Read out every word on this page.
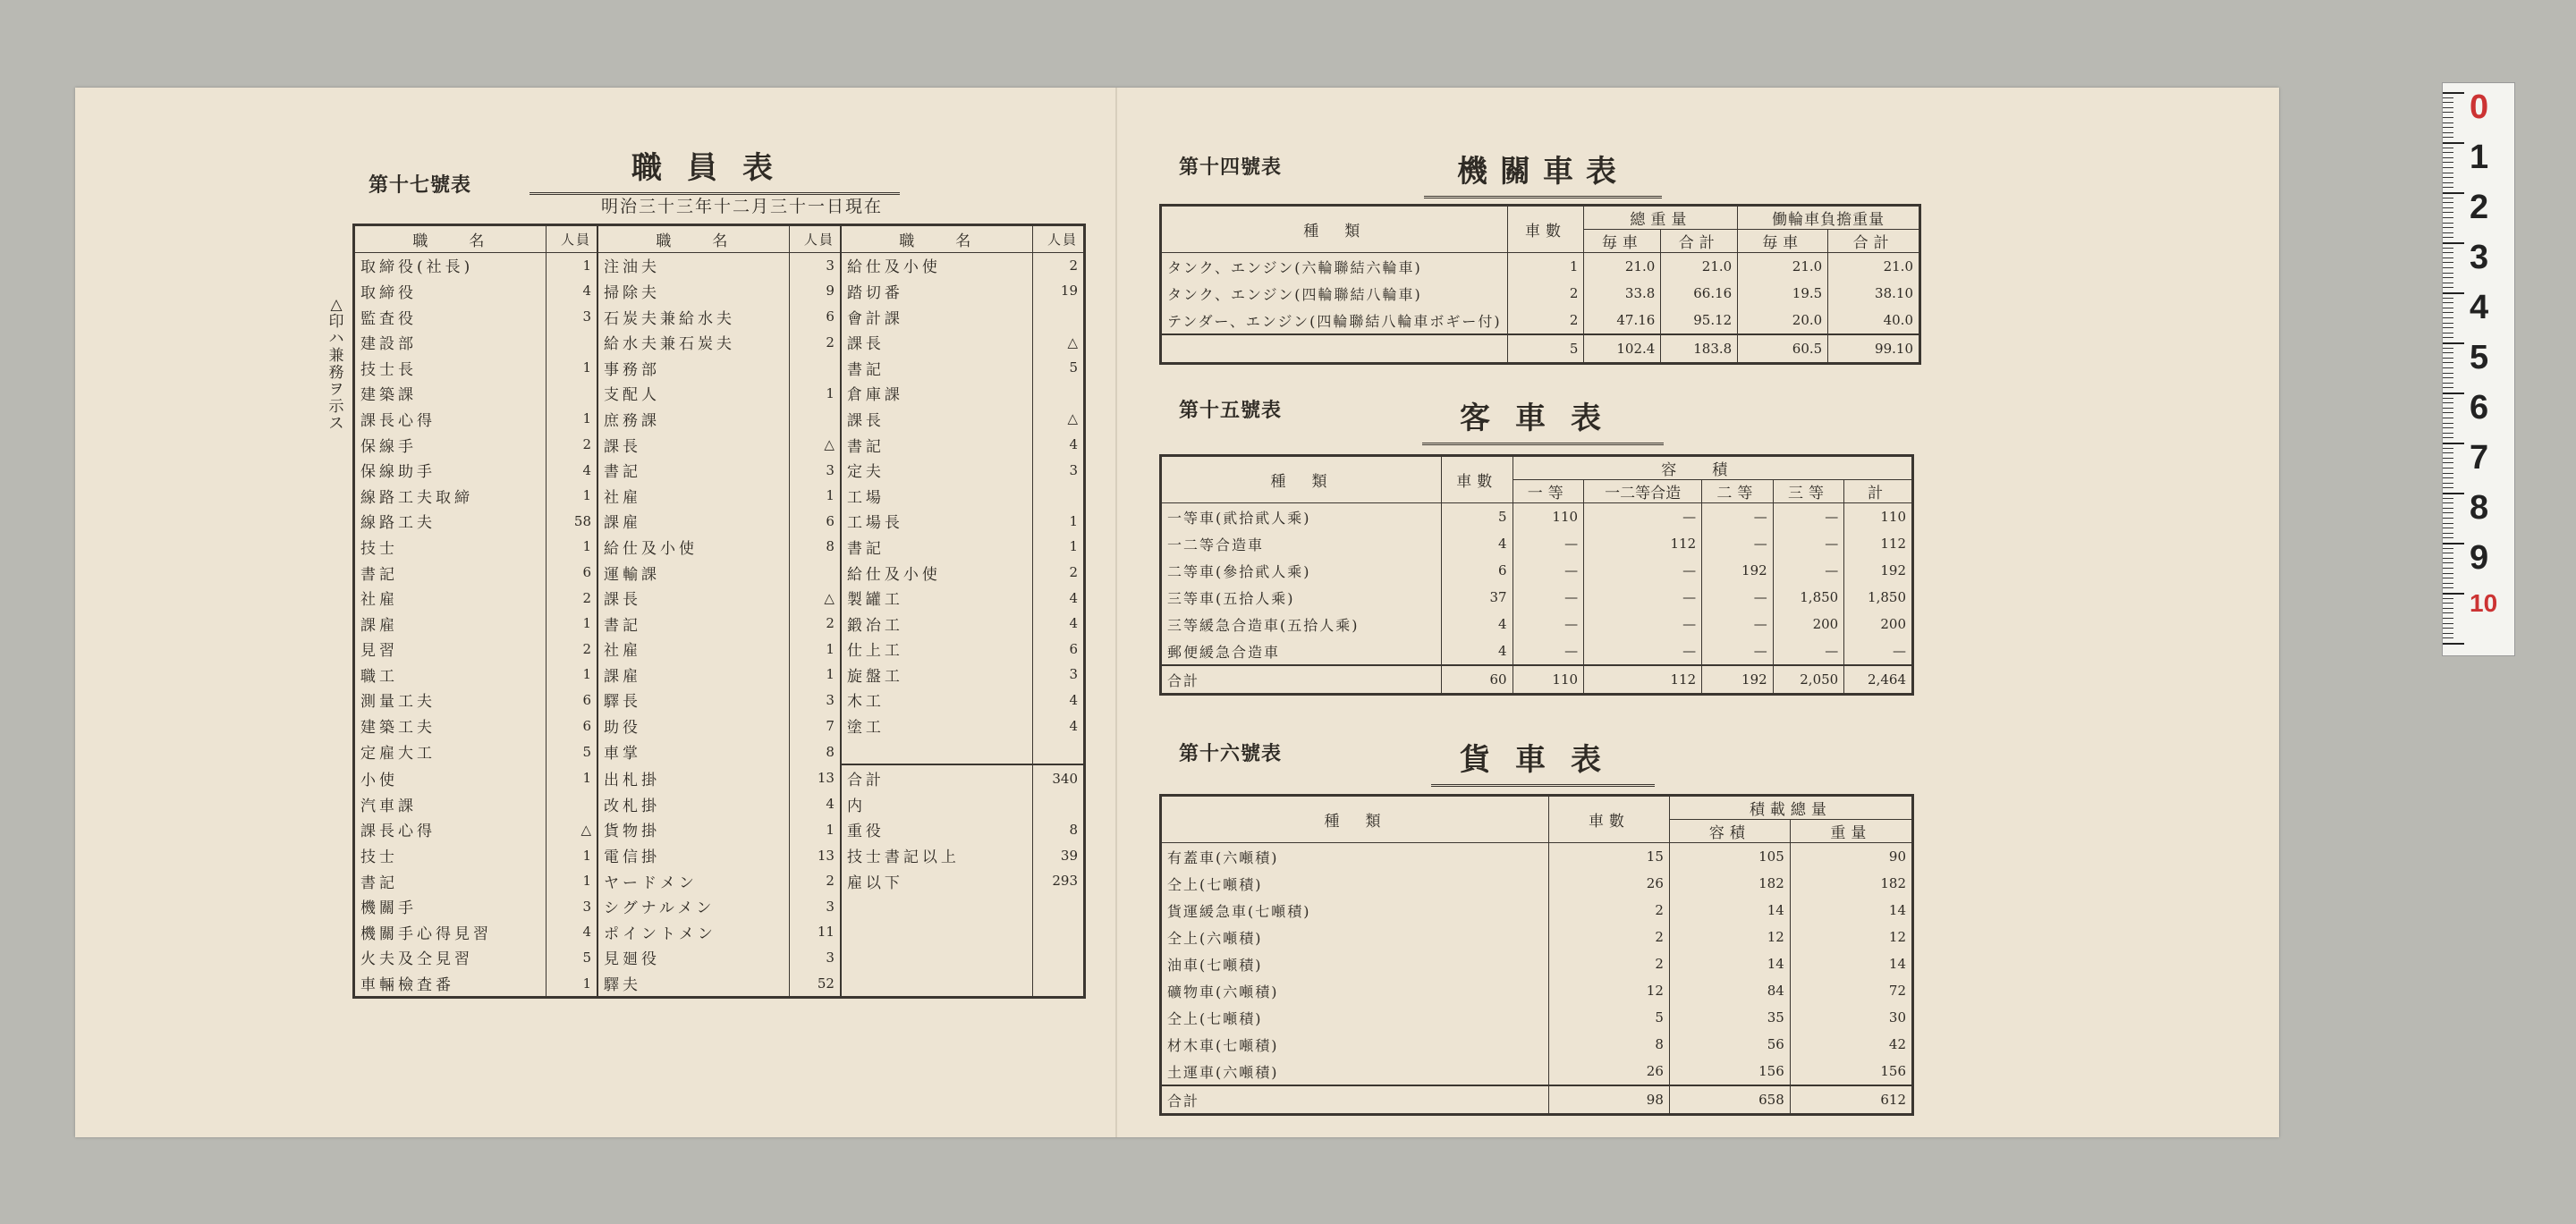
第十七號表	職員表
明治三十三年十二月三十一日現在
△印ハ兼務ヲ示ス
職　　名	人員	職　　名	人員	職　　名	人員
取締役(社長)	1	注油夫	3	給仕及小使	2
取締役	4	掃除夫	9	踏切番	19
監査役	3	石炭夫兼給水夫	6	會計課	
建設部		給水夫兼石炭夫	2	課長	△
技士長	1	事務部		書記	5
建築課		支配人	1	倉庫課	
課長心得	1	庶務課		課長	△
保線手	2	課長	△	書記	4
保線助手	4	書記	3	定夫	3
線路工夫取締	1	社雇	1	工場	
線路工夫	58	課雇	6	工場長	1
技士	1	給仕及小使	8	書記	1
書記	6	運輸課		給仕及小使	2
社雇	2	課長	△	製罐工	4
課雇	1	書記	2	鍛冶工	4
見習	2	社雇	1	仕上工	6
職工	1	課雇	1	旋盤工	3
測量工夫	6	驛長	3	木工	4
建築工夫	6	助役	7	塗工	4
定雇大工	5	車掌	8		
小使	1	出札掛	13	合計	340
汽車課		改札掛	4	内	
課長心得	△	貨物掛	1	重役	8
技士	1	電信掛	13	技士書記以上	39
書記	1	ヤードメン	2	雇以下	293
機關手	3	シグナルメン	3		
機關手心得見習	4	ポイントメン	11		
火夫及仝見習	5	見廻役	3		
車輛檢査番	1	驛夫	52		
第十四號表	機關車表
種　類	車數	總重量		働輪車負擔重量	
		毎車	合計	毎車	合計
タンク、エンジン(六輪聯結六輪車)	1	21.0	21.0	21.0	21.0
タンク、エンジン(四輪聯結八輪車)	2	33.8	66.16	19.5	38.10
テンダー、エンジン(四輪聯結八輪車ボギー付)	2	47.16	95.12	20.0	40.0
	5	102.4	183.8	60.5	99.10
第十五號表	客車表
種　類	車數	容積				
		一等	一二等合造	二等	三等	計
一等車(貮拾貮人乘)	5	110	—	—	—	110
一二等合造車	4	—	112	—	—	112
二等車(參拾貮人乘)	6	—	—	192	—	192
三等車(五拾人乘)	37	—	—	—	1,850	1,850
三等緩急合造車(五拾人乘)	4	—	—	—	200	200
郵便緩急合造車	4	—	—	—	—	—
合計	60	110	112	192	2,050	2,464
第十六號表	貨車表
種　類	車數	積載總量	
		容積	重量
有蓋車(六噸積)	15	105	90
仝上(七噸積)	26	182	182
貨運緩急車(七噸積)	2	14	14
仝上(六噸積)	2	12	12
油車(七噸積)	2	14	14
礦物車(六噸積)	12	84	72
仝上(七噸積)	5	35	30
材木車(七噸積)	8	56	42
土運車(六噸積)	26	156	156
合計	98	658	612
0
1
2
3
4
5
6
7
8
9
10
